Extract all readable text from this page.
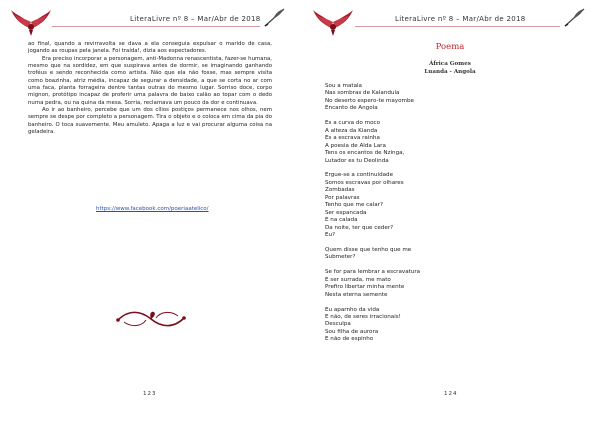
LiteraLivre nº 8 – Mar/Abr de 2018

ao final, quando a revirravolta se dava a ela conseguia expulsar o marido de casa, jogando as roupas pela janela. Foi traída!, dizia aos espectadores.

Era preciso incorporar a personagem, anti-Madonna renascentista, fazer-se humana, mesmo que na sordidez, em que suspirava antes de dormir, se imaginando ganhando troféus e sendo reconhecida como artista. Não que ela não fosse, mas sempre visita como boazinha, atriz média, incapaz de segurar a densidade, a que se corta no ar com uma faca, planta forrageira dentre tantas outras do mesmo lugar. Sorriso doce, corpo mignon, protótipo incapaz de proferir uma palavra de baixo calão ao topar com o dedo numa pedra, ou na quina da mesa. Sorria, reclamava um pouco da dor e continuava.

Ao ir ao banheiro, percebe que um dos cílios postiços permanece nos olhos, nem sempre se despe por completo a personagem. Tira o objeto e o coloca em cima da pia do banheiro. O toca suavemente. Meu amuleto. Apaga a luz e vai procurar alguma coisa na geladeira.

https://www.facebook.com/poeriaatelico/
123
LiteraLivre nº 8 – Mar/Abr de 2018
Poema
África Gomes
Luanda - Angola
Sou a matala
Nas sombras de Kalandula
No deserto espero-te mayombe
Encanto de Angola
Es a curva do moco
A alteza da Kianda
Es a escrava rainha
A poesia de Alda Lara
Tens os encantos de Nzinga,
Lutador es tu Deolinda
Ergue-se a continuidade
Somos escravas por olhares
Zombadas
Por palavras
Tenho que me calar?
Ser espancada
E na calada
Da noite, ter que ceder?
Eu?
Quem disse que tenho que me
Submeter?
Se for para lembrar a escravatura
E ser surrada, me mato
Prefiro libertar minha mente
Nesta eterna semente
Eu aparnho da vida
E não, de seres irracionais!
Desculpa
Sou filha de aurora
E não de espinho
124
